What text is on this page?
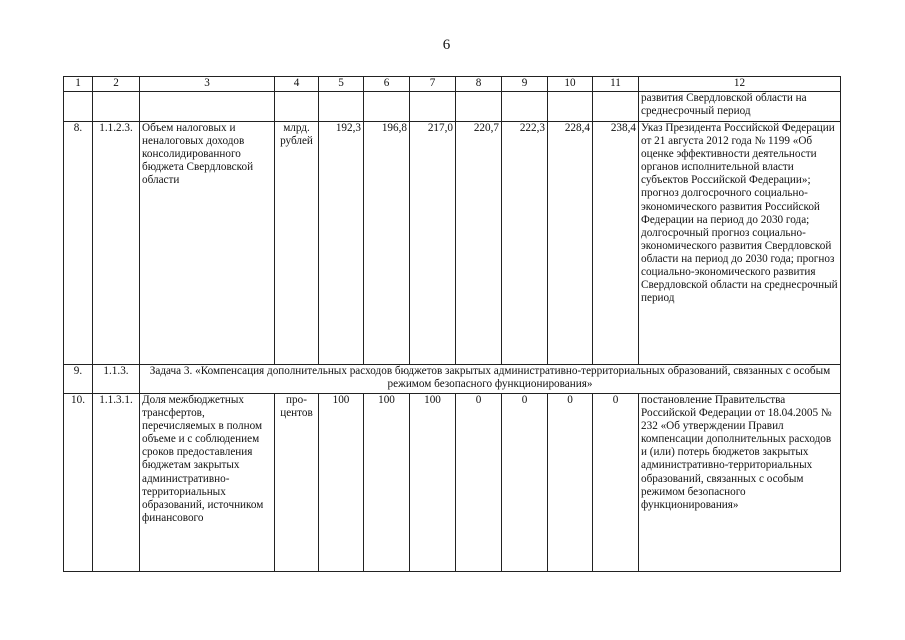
6
1	2	3	4	5	6	7	8	9	10	11	12
											развития Свердловской области на среднесрочный период
8.	1.1.2.3.	Объем налоговых и неналоговых доходов консолидированного бюджета Свердловской области	млрд. рублей	192,3	196,8	217,0	220,7	222,3	228,4	238,4	Указ Президента Российской Федерации от 21 августа 2012 года № 1199 «Об оценке эффективности деятельности органов исполнительной власти субъектов Российской Федерации»; прогноз долгосрочного социально-экономического развития Российской Федерации на период до 2030 года; долгосрочный прогноз социально-экономического развития Свердловской области на период до 2030 года; прогноз социально-экономического развития Свердловской области на среднесрочный период
9.	1.1.3.	Задача 3. «Компенсация дополнительных расходов бюджетов закрытых административно-территориальных образований, связанных с особым режимом безопасного функционирования»									
10.	1.1.3.1.	Доля межбюджетных трансфертов, перечисляемых в полном объеме и с соблюдением сроков предоставления бюджетам закрытых административно-территориальных образований, источником финансового	про- центов	100	100	100	0	0	0	0	постановление Правительства Российской Федерации от 18.04.2005 № 232 «Об утверждении Правил компенсации дополнительных расходов и (или) потерь бюджетов закрытых административно-территориальных образований, связанных с особым режимом безопасного функционирования»
